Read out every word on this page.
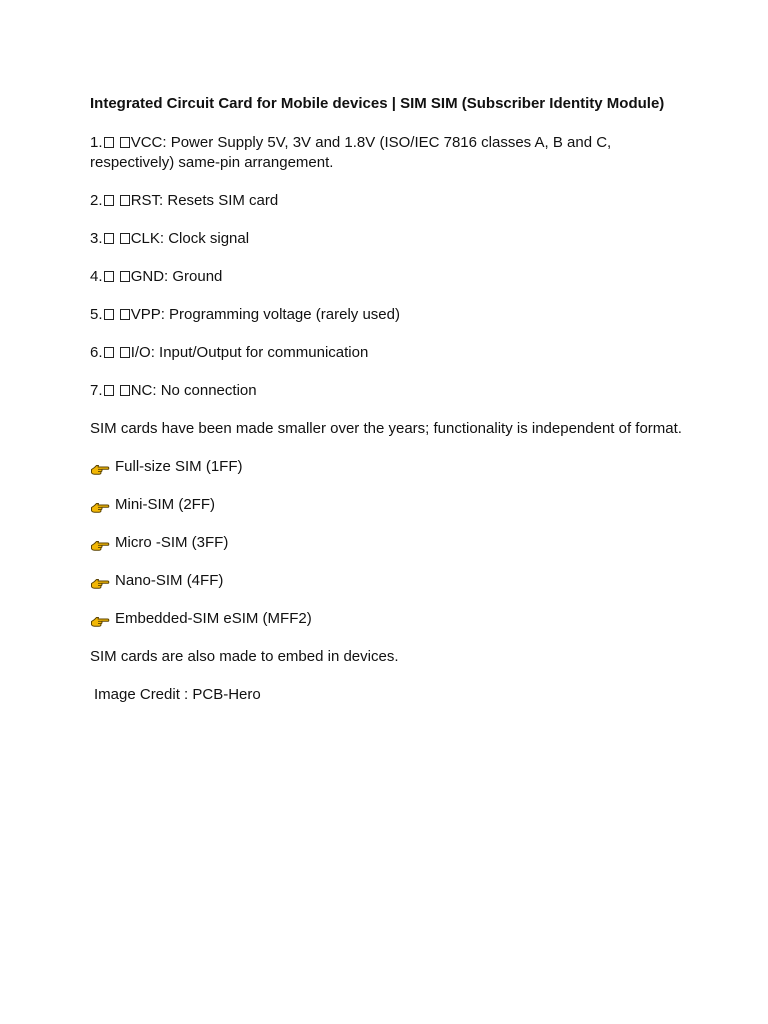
Integrated Circuit Card for Mobile devices | SIM SIM (Subscriber Identity Module)
1. VCC: Power Supply 5V, 3V and 1.8V (ISO/IEC 7816 classes A, B and C, respectively) same-pin arrangement.
2. RST: Resets SIM card
3. CLK: Clock signal
4. GND: Ground
5. VPP: Programming voltage (rarely used)
6. I/O: Input/Output for communication
7. NC: No connection
SIM cards have been made smaller over the years; functionality is independent of format.
Full-size SIM (1FF)
Mini-SIM (2FF)
Micro -SIM (3FF)
Nano-SIM (4FF)
Embedded-SIM eSIM (MFF2)
SIM cards are also made to embed in devices.
Image Credit : PCB-Hero
